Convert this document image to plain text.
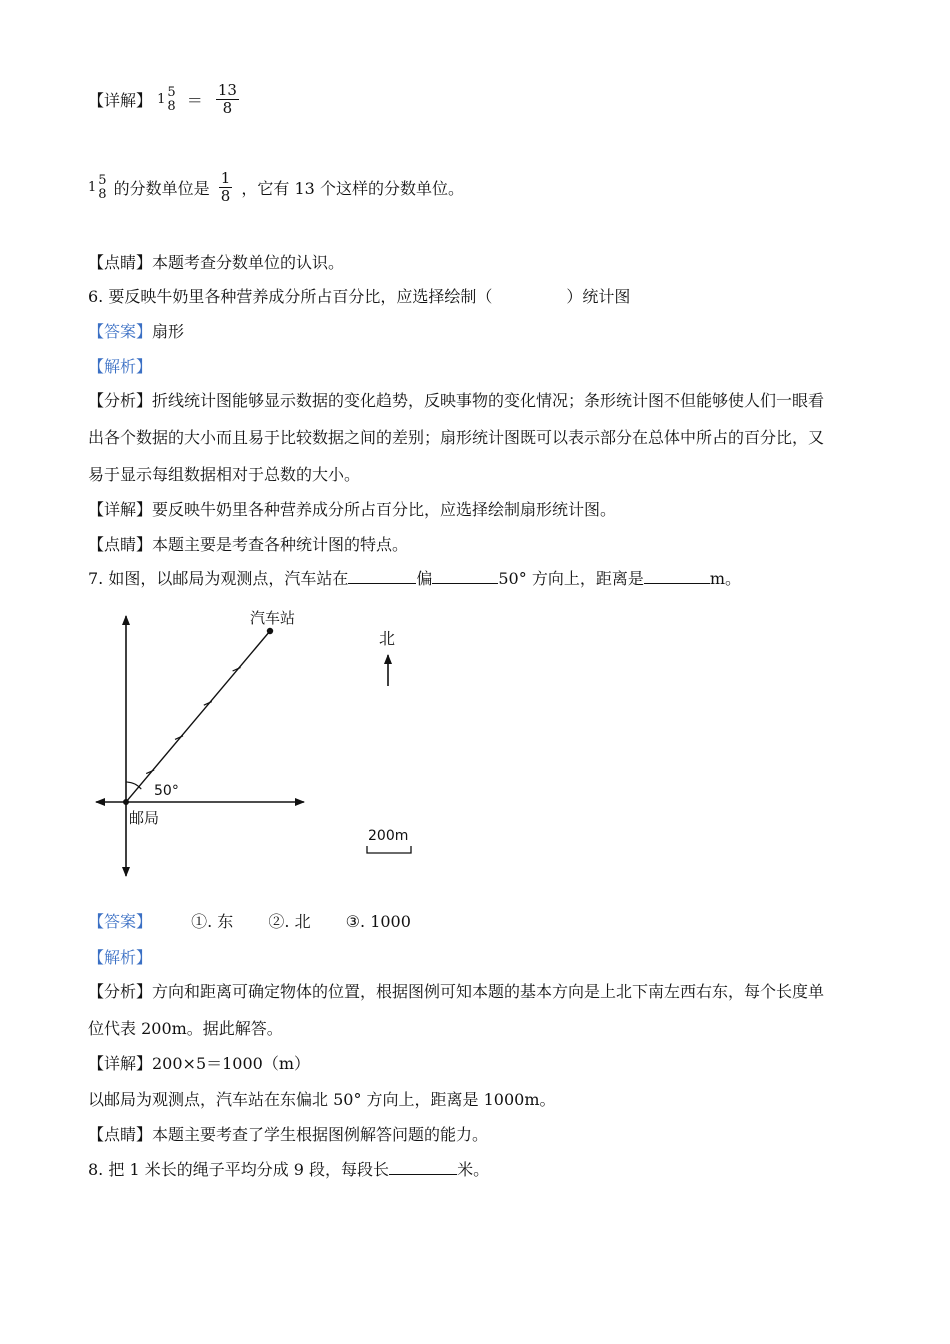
【详解】 1 5
$8 = \frac{13}{8}$
1 5
8 的分数单位是 $\frac{1}{8}$ ，它有 13 个这样的分数单位。
【点睛】本题考查分数单位的认识。
6. 要反映牛奶里各种营养成分所占百分比，应选择绘制（	）统计图
【答案】扇形
【解析】
【分析】折线统计图能够显示数据的变化趋势，反映事物的变化情况；条形统计图不但能够使人们一眼看
出各个数据的大小而且易于比较数据之间的差别；扇形统计图既可以表示部分在总体中所占的百分比，又
易于显示每组数据相对于总数的大小。
【详解】要反映牛奶里各种营养成分所占百分比，应选择绘制扇形统计图。
【点睛】本题主要是考查各种统计图的特点。
7. 如图，以邮局为观测点，汽车站在	偏	50° 方向上，距离是	m。
汽车站
邮局
50°
北
200m
【答案】 ①. 东 ②. 北 ③. 1000
【解析】
【分析】方向和距离可确定物体的位置，根据图例可知本题的基本方向是上北下南左西右东，每个长度单
位代表 200m。据此解答。
【详解】200×5＝1000（m）
以邮局为观测点，汽车站在东偏北 50° 方向上，距离是 1000m。
【点睛】本题主要考查了学生根据图例解答问题的能力。
8. 把 1 米长的绳子平均分成 9 段，每段长	米。
